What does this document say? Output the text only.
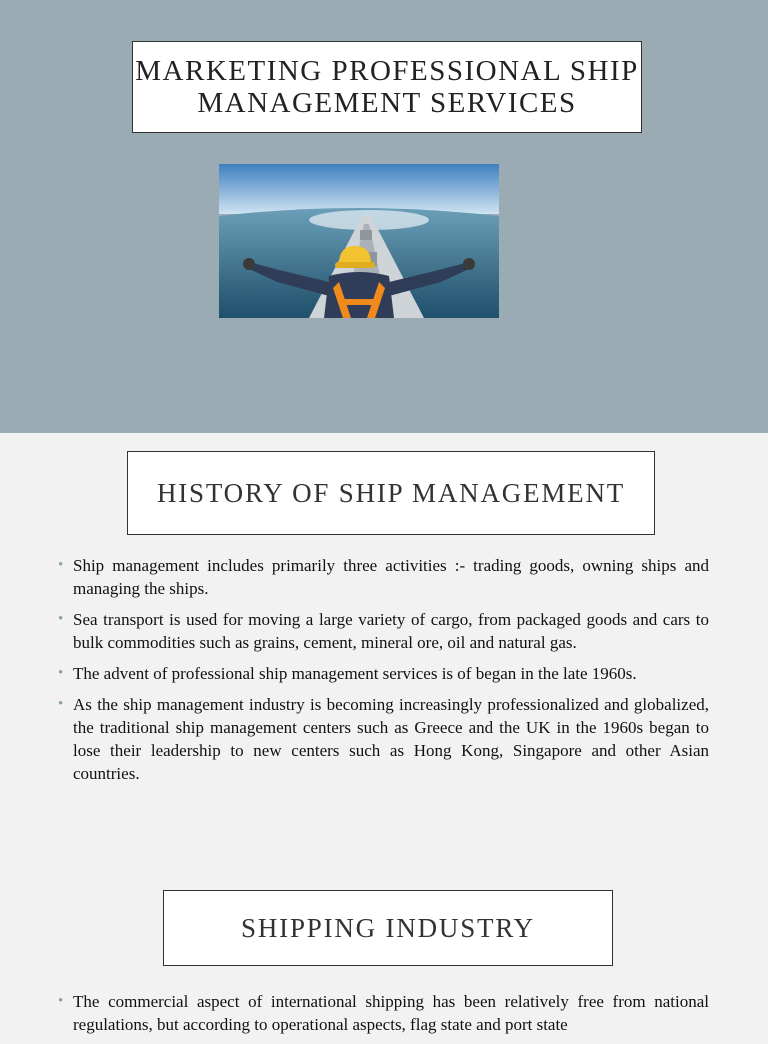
MARKETING PROFESSIONAL SHIP MANAGEMENT SERVICES
HISTORY OF SHIP MANAGEMENT
• Ship management includes primarily three activities :- trading goods, owning ships and managing the ships.
• Sea transport is used for moving a large variety of cargo, from packaged goods and cars to bulk commodities such as grains, cement, mineral ore, oil and natural gas.
• The advent of professional ship management services is of began in the late 1960s.
• As the ship management industry is becoming increasingly professionalized and globalized, the traditional ship management centers such as Greece and the UK in the 1960s began to lose their leadership to new centers such as Hong Kong, Singapore and other Asian countries.
SHIPPING INDUSTRY
• The commercial aspect of international shipping has been relatively free from national regulations, but according to operational aspects, flag state and port state
